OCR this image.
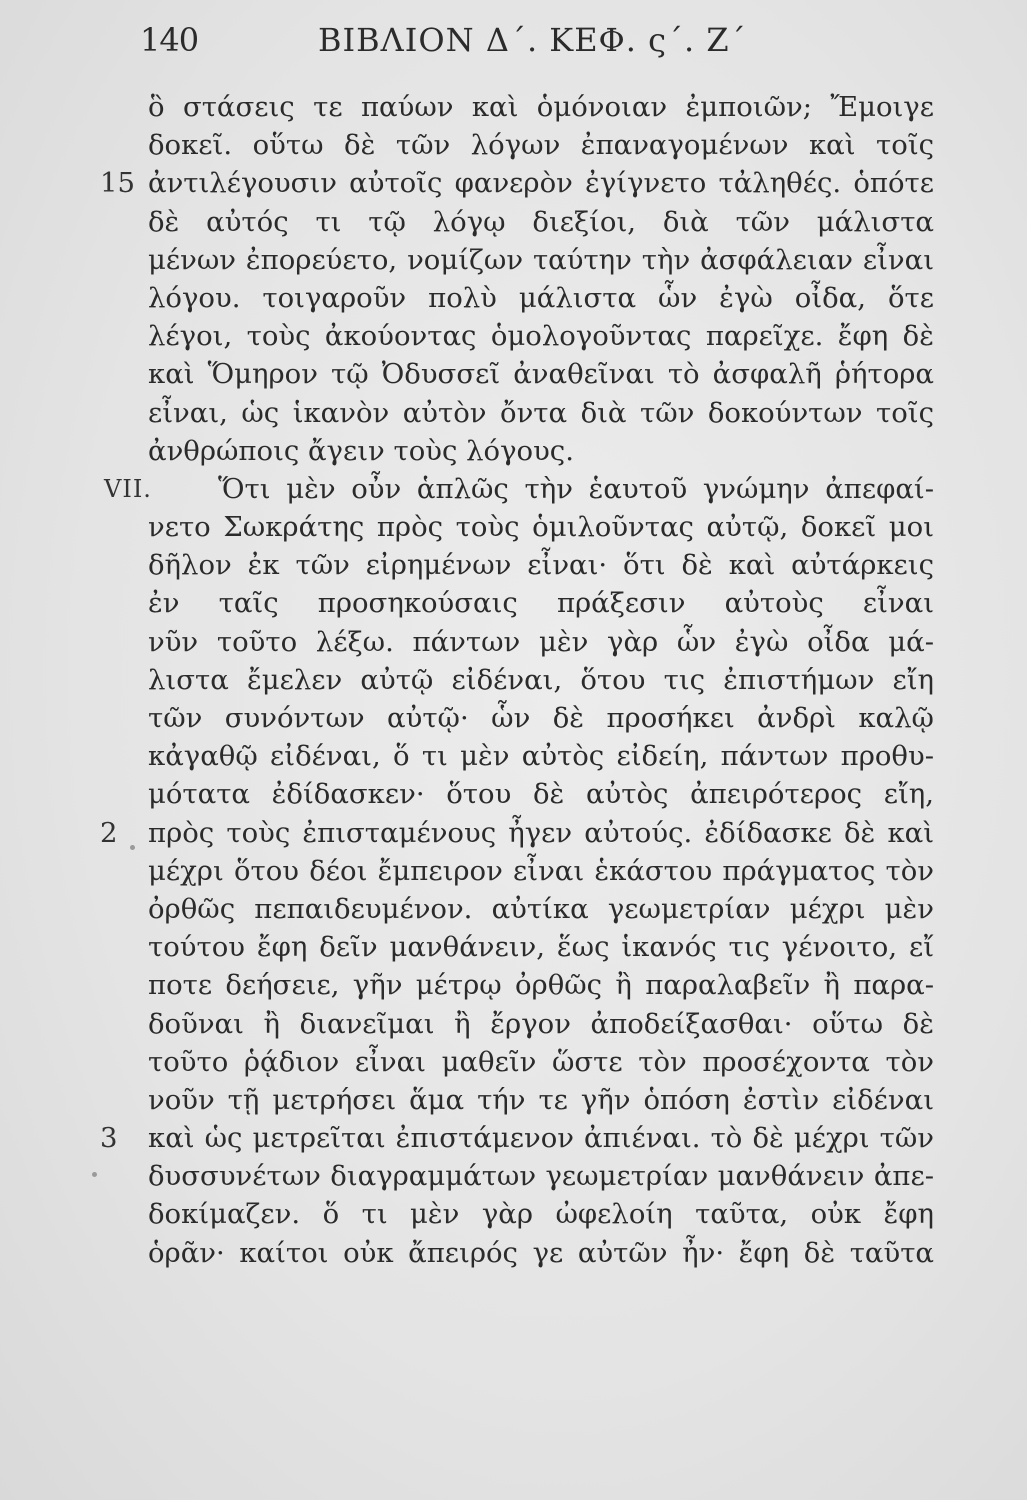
140	ΒΙΒΛΙΟΝ Δ΄. ΚΕΦ. ς΄. Ζ΄
ὃ στάσεις τε παύων καὶ ὁμόνοιαν ἐμποιῶν; Ἔμοιγε
δοκεῖ. οὕτω δὲ τῶν λόγων ἐπαναγομένων καὶ τοῖς
15 ἀντιλέγουσιν αὐτοῖς φανερὸν ἐγίγνετο τἀληθές. ὁπότε
δὲ αὐτός τι τῷ λόγῳ διεξίοι, διὰ τῶν μάλιστα
μένων ἐπορεύετο, νομίζων ταύτην τὴν ἀσφάλειαν εἶναι
λόγου. τοιγαροῦν πολὺ μάλιστα ὧν ἐγὼ οἶδα, ὅτε
λέγοι, τοὺς ἀκούοντας ὁμολογοῦντας παρεῖχε. ἔφη δὲ
καὶ Ὅμηρον τῷ Ὀδυσσεῖ ἀναθεῖναι τὸ ἀσφαλῆ ῥήτορα
εἶναι, ὡς ἱκανὸν αὐτὸν ὄντα διὰ τῶν δοκούντων τοῖς
ἀνθρώποις ἄγειν τοὺς λόγους.
VII. Ὅτι μὲν οὖν ἁπλῶς τὴν ἑαυτοῦ γνώμην ἀπεφαί-
νετο Σωκράτης πρὸς τοὺς ὁμιλοῦντας αὐτῷ, δοκεῖ μοι
δῆλον ἐκ τῶν εἰρημένων εἶναι· ὅτι δὲ καὶ αὐτάρκεις
ἐν ταῖς προσηκούσαις πράξεσιν αὐτοὺς εἶναι
νῦν τοῦτο λέξω. πάντων μὲν γὰρ ὧν ἐγὼ οἶδα μά-
λιστα ἔμελεν αὐτῷ εἰδέναι, ὅτου τις ἐπιστήμων εἴη
τῶν συνόντων αὐτῷ· ὧν δὲ προσήκει ἀνδρὶ καλῷ
κἀγαθῷ εἰδέναι, ὅ τι μὲν αὐτὸς εἰδείη, πάντων προθυ-
μότατα ἐδίδασκεν· ὅτου δὲ αὐτὸς ἀπειρότερος εἴη,
2	πρὸς τοὺς ἐπισταμένους ἦγεν αὐτούς. ἐδίδασκε δὲ καὶ
μέχρι ὅτου δέοι ἔμπειρον εἶναι ἑκάστου πράγματος τὸν
ὀρθῶς πεπαιδευμένον. αὐτίκα γεωμετρίαν μέχρι μὲν
τούτου ἔφη δεῖν μανθάνειν, ἕως ἱκανός τις γένοιτο, εἴ
ποτε δεήσειε, γῆν μέτρῳ ὀρθῶς ἢ παραλαβεῖν ἢ παρα-
δοῦναι ἢ διανεῖμαι ἢ ἔργον ἀποδείξασθαι· οὕτω δὲ
τοῦτο ῥᾴδιον εἶναι μαθεῖν ὥστε τὸν προσέχοντα τὸν
νοῦν τῇ μετρήσει ἅμα τήν τε γῆν ὁπόση ἐστὶν εἰδέναι
3	καὶ ὡς μετρεῖται ἐπιστάμενον ἀπιέναι. τὸ δὲ μέχρι τῶν
δυσσυνέτων διαγραμμάτων γεωμετρίαν μανθάνειν ἀπε-
δοκίμαζεν. ὅ τι μὲν γὰρ ὠφελοίη ταῦτα, οὐκ ἔφη
ὁρᾶν· καίτοι οὐκ ἄπειρός γε αὐτῶν ἦν· ἔφη δὲ ταῦτα
